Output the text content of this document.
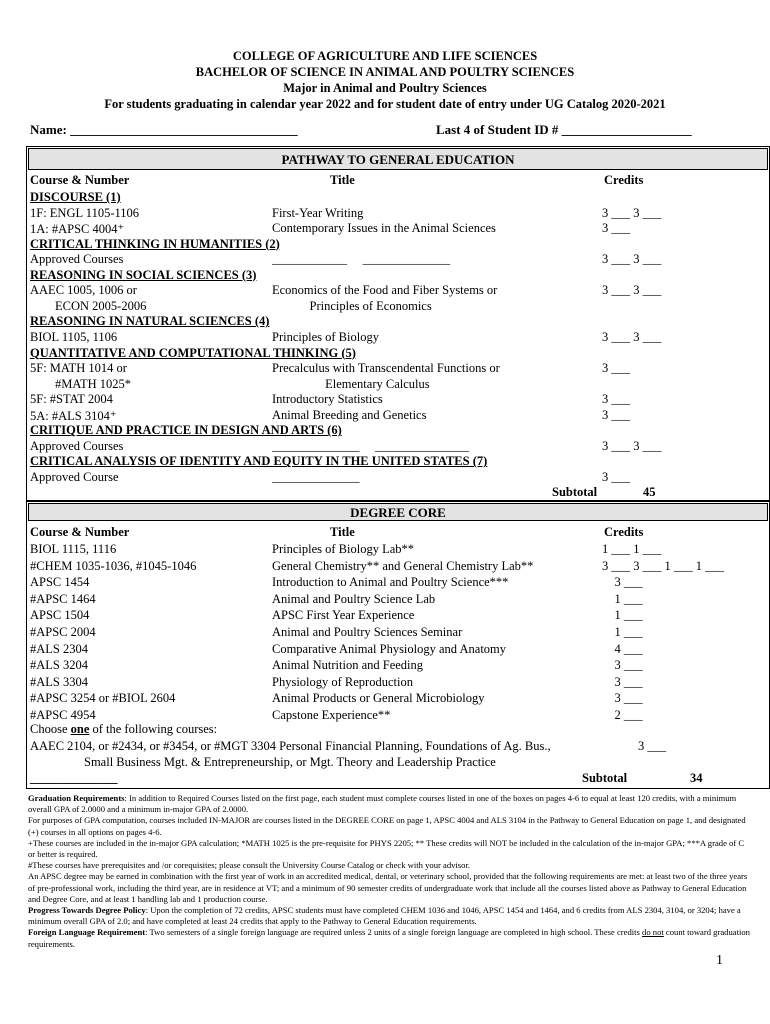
COLLEGE OF AGRICULTURE AND LIFE SCIENCES
BACHELOR OF SCIENCE IN ANIMAL AND POULTRY SCIENCES
Major in Animal and Poultry Sciences
For students graduating in calendar year 2022 and for student date of entry under UG Catalog 2020-2021
Name: ___________________________________	Last 4 of Student ID # ____________________
PATHWAY TO GENERAL EDUCATION
Course & Number	Title	Credits
DISCOURSE (1)
1F: ENGL 1105-1106	First-Year Writing	3 ___ 3 ___
1A: #APSC 4004⁺	Contemporary Issues in the Animal Sciences	3 ___
CRITICAL THINKING IN HUMANITIES (2)
Approved Courses	____________     ______________	3 ___ 3 ___
REASONING IN SOCIAL SCIENCES (3)
AAEC 1005, 1006 or	Economics of the Food and Fiber Systems or	3 ___ 3 ___
ECON 2005-2006	Principles of Economics
REASONING IN NATURAL SCIENCES (4)
BIOL 1105, 1106	Principles of Biology	3 ___ 3 ___
QUANTITATIVE AND COMPUTATIONAL THINKING (5)
5F: MATH 1014 or	Precalculus with Transcendental Functions or	3 ___
#MATH 1025*	Elementary Calculus
5F: #STAT 2004	Introductory Statistics	3 ___
5A: #ALS 3104⁺	Animal Breeding and Genetics	3 ___
CRITIQUE AND PRACTICE IN DESIGN AND ARTS (6)
Approved Courses	______________     _______________	3 ___ 3 ___
CRITICAL ANALYSIS OF IDENTITY AND EQUITY IN THE UNITED STATES (7)
Approved Course	______________	3 ___
Subtotal	45
DEGREE CORE
Course & Number	Title	Credits
BIOL 1115, 1116	Principles of Biology Lab**	1 ___ 1 ___
#CHEM 1035-1036, #1045-1046	General Chemistry** and General Chemistry Lab**	3 ___ 3 ___ 1 ___ 1 ___
APSC 1454	Introduction to Animal and Poultry Science***	3 ___
#APSC 1464	Animal and Poultry Science Lab	1 ___
APSC 1504	APSC First Year Experience	1 ___
#APSC 2004	Animal and Poultry Sciences Seminar	1 ___
#ALS 2304	Comparative Animal Physiology and Anatomy	4 ___
#ALS 3204	Animal Nutrition and Feeding	3 ___
#ALS 3304	Physiology of Reproduction	3 ___
#APSC 3254 or #BIOL 2604	Animal Products or General Microbiology	3 ___
#APSC 4954	Capstone Experience**	2 ___
Choose one of the following courses:
AAEC 2104, or #2434, or #3454, or #MGT 3304 Personal Financial Planning, Foundations of Ag. Bus.,	3 ___
Small Business Mgt. & Entrepreneurship, or Mgt. Theory and Leadership Practice
______________	Subtotal	34

Graduation Requirements: In addition to Required Courses listed on the first page, each student must complete courses listed in one of the boxes on pages 4-6 to equal at least 120 credits, with a minimum overall GPA of 2.0000 and a minimum in-major GPA of 2.0000.

For purposes of GPA computation, courses included IN-MAJOR are courses listed in the DEGREE CORE on page 1, APSC 4004 and ALS 3104 in the Pathway to General Education on page 1, and designated (+) courses in all options on pages 4-6.

+These courses are included in the in-major GPA calculation; *MATH 1025 is the pre-requisite for PHYS 2205; ** These credits will NOT be included in the calculation of the in-major GPA; ***A grade of C or better is required.

#These courses have prerequisites and /or corequisites; please consult the University Course Catalog or check with your advisor.

An APSC degree may be earned in combination with the first year of work in an accredited medical, dental, or veterinary school, provided that the following requirements are met: at least two of the three years of pre-professional work, including the third year, are in residence at VT; and a minimum of 90 semester credits of undergraduate work that include all the courses listed above as Pathway to General Education and Degree Core, and at least 1 handling lab and 1 production course.

Progress Towards Degree Policy: Upon the completion of 72 credits, APSC students must have completed CHEM 1036 and 1046, APSC 1454 and 1464, and 6 credits from ALS 2304, 3104, or 3204; have a minimum overall GPA of 2.0; and have completed at least 24 credits that apply to the Pathway to General Education requirements.

Foreign Language Requirement: Two semesters of a single foreign language are required unless 2 units of a single foreign language are completed in high school. These credits do not count toward graduation requirements.

1
